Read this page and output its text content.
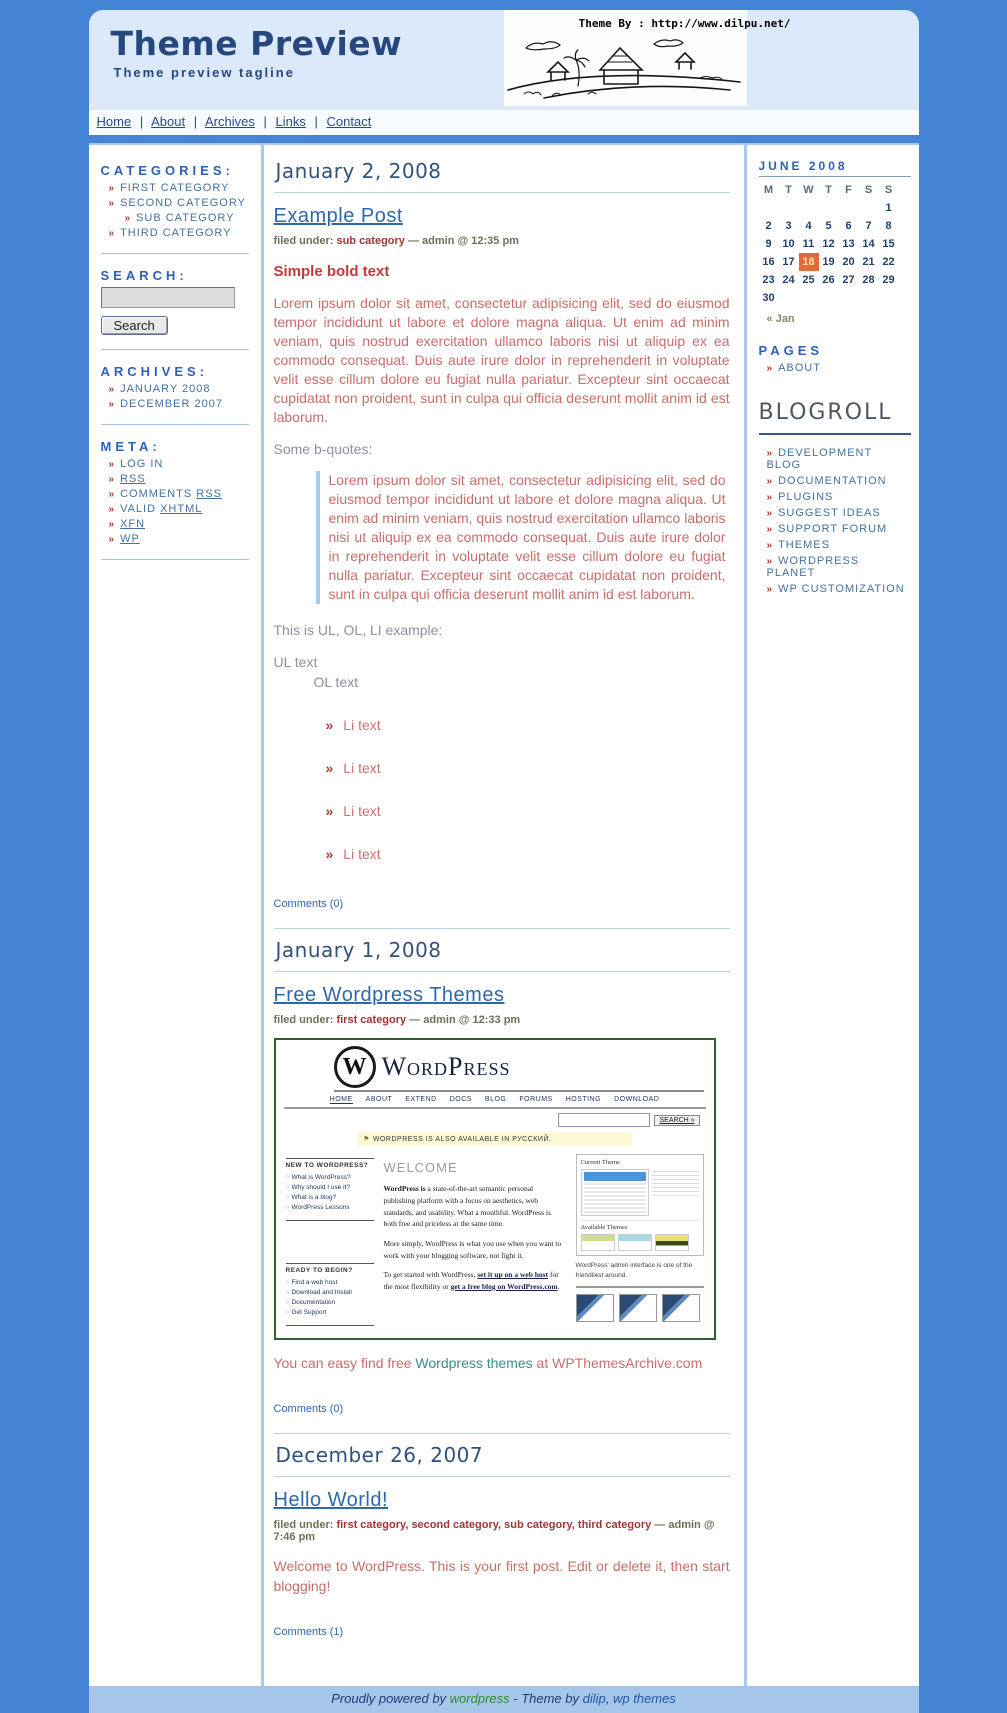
Theme Preview
Theme preview tagline
Theme By : http://www.dilpu.net/
Home | About | Archives | Links | Contact
CATEGORIES:
» FIRST CATEGORY
» SECOND CATEGORY
» SUB CATEGORY
» THIRD CATEGORY
SEARCH:
Search
ARCHIVES:
» JANUARY 2008
» DECEMBER 2007
META:
» LOG IN
» RSS
» COMMENTS RSS
» VALID XHTML
» XFN
» WP
January 2, 2008
Example Post
filed under: sub category — admin @ 12:35 pm
Simple bold text

Lorem ipsum dolor sit amet, consectetur adipisicing elit, sed do eiusmod tempor incididunt ut labore et dolore magna aliqua. Ut enim ad minim veniam, quis nostrud exercitation ullamco laboris nisi ut aliquip ex ea commodo consequat. Duis aute irure dolor in reprehenderit in voluptate velit esse cillum dolore eu fugiat nulla pariatur. Excepteur sint occaecat cupidatat non proident, sunt in culpa qui officia deserunt mollit anim id est laborum.

Some b-quotes:

Lorem ipsum dolor sit amet, consectetur adipisicing elit, sed do eiusmod tempor incididunt ut labore et dolore magna aliqua. Ut enim ad minim veniam, quis nostrud exercitation ullamco laboris nisi ut aliquip ex ea commodo consequat. Duis aute irure dolor in reprehenderit in voluptate velit esse cillum dolore eu fugiat nulla pariatur. Excepteur sint occaecat cupidatat non proident, sunt in culpa qui officia deserunt mollit anim id est laborum.

This is UL, OL, LI example:

UL text

OL text

» Li text
» Li text
» Li text
» Li text
Comments (0)
January 1, 2008
Free Wordpress Themes
filed under: first category — admin @ 12:33 pm
W WordPress
HOME ABOUT EXTEND DOCS BLOG FORUMS HOSTING DOWNLOAD
SEARCH »
⚑ WORDPRESS IS ALSO AVAILABLE IN РУССКИЙ.
NEW TO WORDPRESS?
○ What is WordPress?
○ Why should I use it?
○ What is a blog?
○ WordPress Lessons
READY TO BEGIN?
○ Find a web host
○ Download and Install
○ Documentation
○ Get Support
WELCOME

WordPress is a state-of-the-art semantic personal publishing platform with a focus on aesthetics, web standards, and usability. What a mouthful. WordPress is both free and priceless at the same time.

More simply, WordPress is what you use when you want to work with your blogging software, not fight it.

To get started with WordPress, set it up on a web host for the most flexibility or get a free blog on WordPress.com.

Current Theme
Available Themes

WordPress' admin interface is one of the friendliest around.

You can easy find free Wordpress themes at WPThemesArchive.com

Comments (0)
December 26, 2007
Hello World!
filed under: first category, second category, sub category, third category — admin @ 7:46 pm

Welcome to WordPress. This is your first post. Edit or delete it, then start blogging!

Comments (1)
JUNE 2008
M	T	W	T	F	S	S
						1
2	3	4	5	6	7	8
9	10	11	12	13	14	15
16	17	18	19	20	21	22
23	24	25	26	27	28	29
30						
« Jan
PAGES
» ABOUT
BLOGROLL
» DEVELOPMENT BLOG
» DOCUMENTATION
» PLUGINS
» SUGGEST IDEAS
» SUPPORT FORUM
» THEMES
» WORDPRESS PLANET
» WP CUSTOMIZATION
Proudly powered by wordpress - Theme by dilip, wp themes
